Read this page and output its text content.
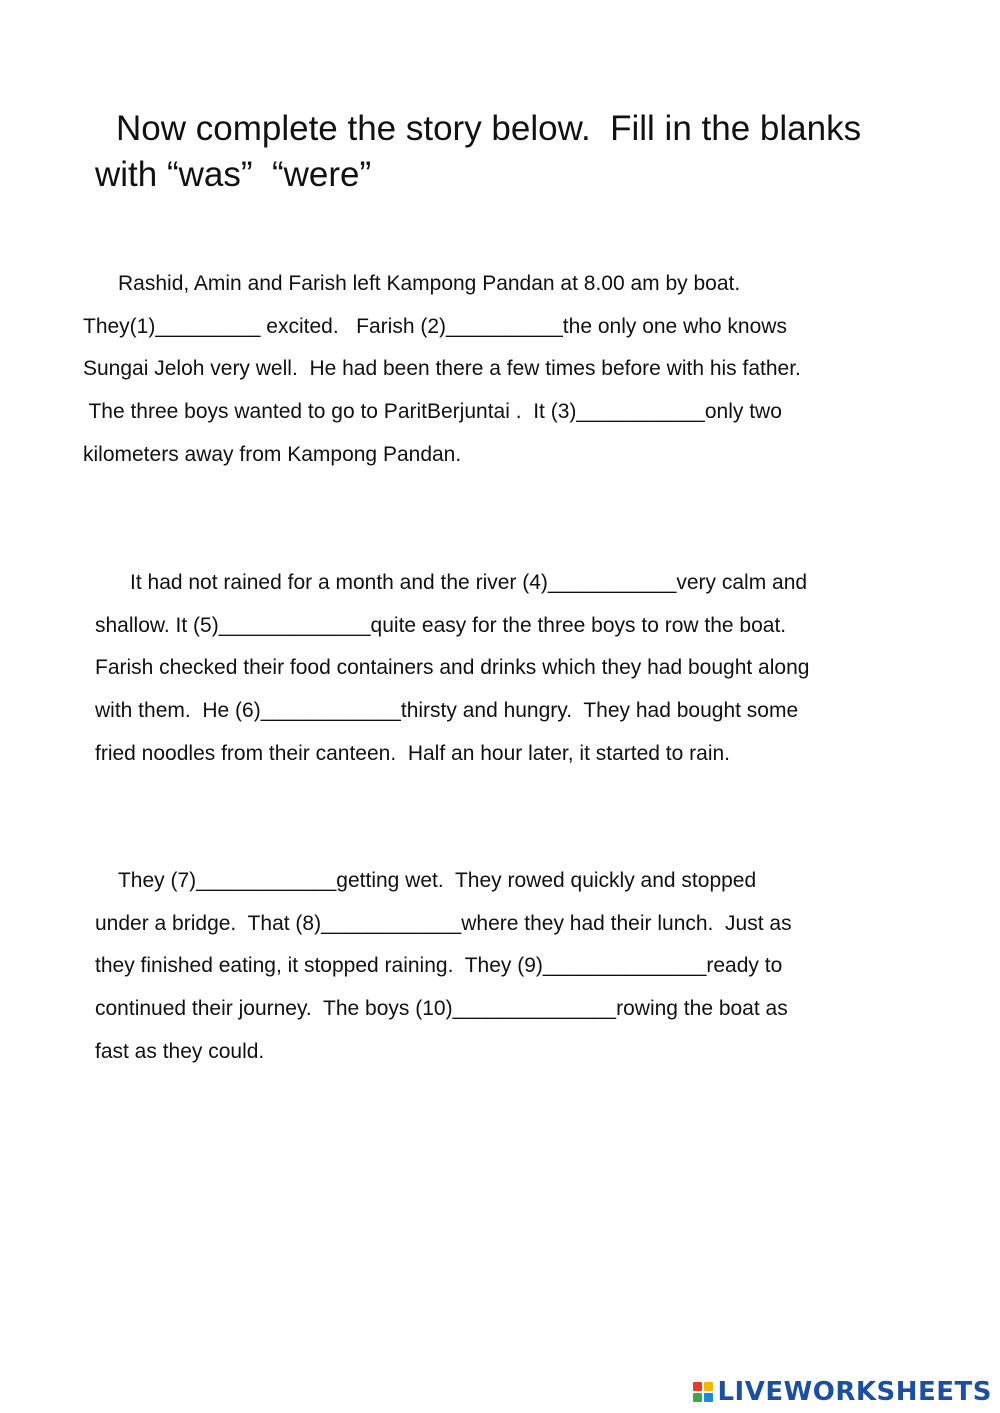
Now complete the story below.  Fill in the blanks
with “was”  “were”
Rashid, Amin and Farish left Kampong Pandan at 8.00 am by boat.
They(1)_________ excited.   Farish (2)__________the only one who knows
Sungai Jeloh very well.  He had been there a few times before with his father.
The three boys wanted to go to ParitBerjuntai .  It (3)___________only two
kilometers away from Kampong Pandan.
It had not rained for a month and the river (4)___________very calm and
shallow. It (5)_____________quite easy for the three boys to row the boat.
Farish checked their food containers and drinks which they had bought along
with them.  He (6)____________thirsty and hungry.  They had bought some
fried noodles from their canteen.  Half an hour later, it started to rain.
They (7)____________getting wet.  They rowed quickly and stopped
under a bridge.  That (8)____________where they had their lunch.  Just as
they finished eating, it stopped raining.  They (9)______________ready to
continued their journey.  The boys (10)______________rowing the boat as
fast as they could.
LIVEWORKSHEETS
